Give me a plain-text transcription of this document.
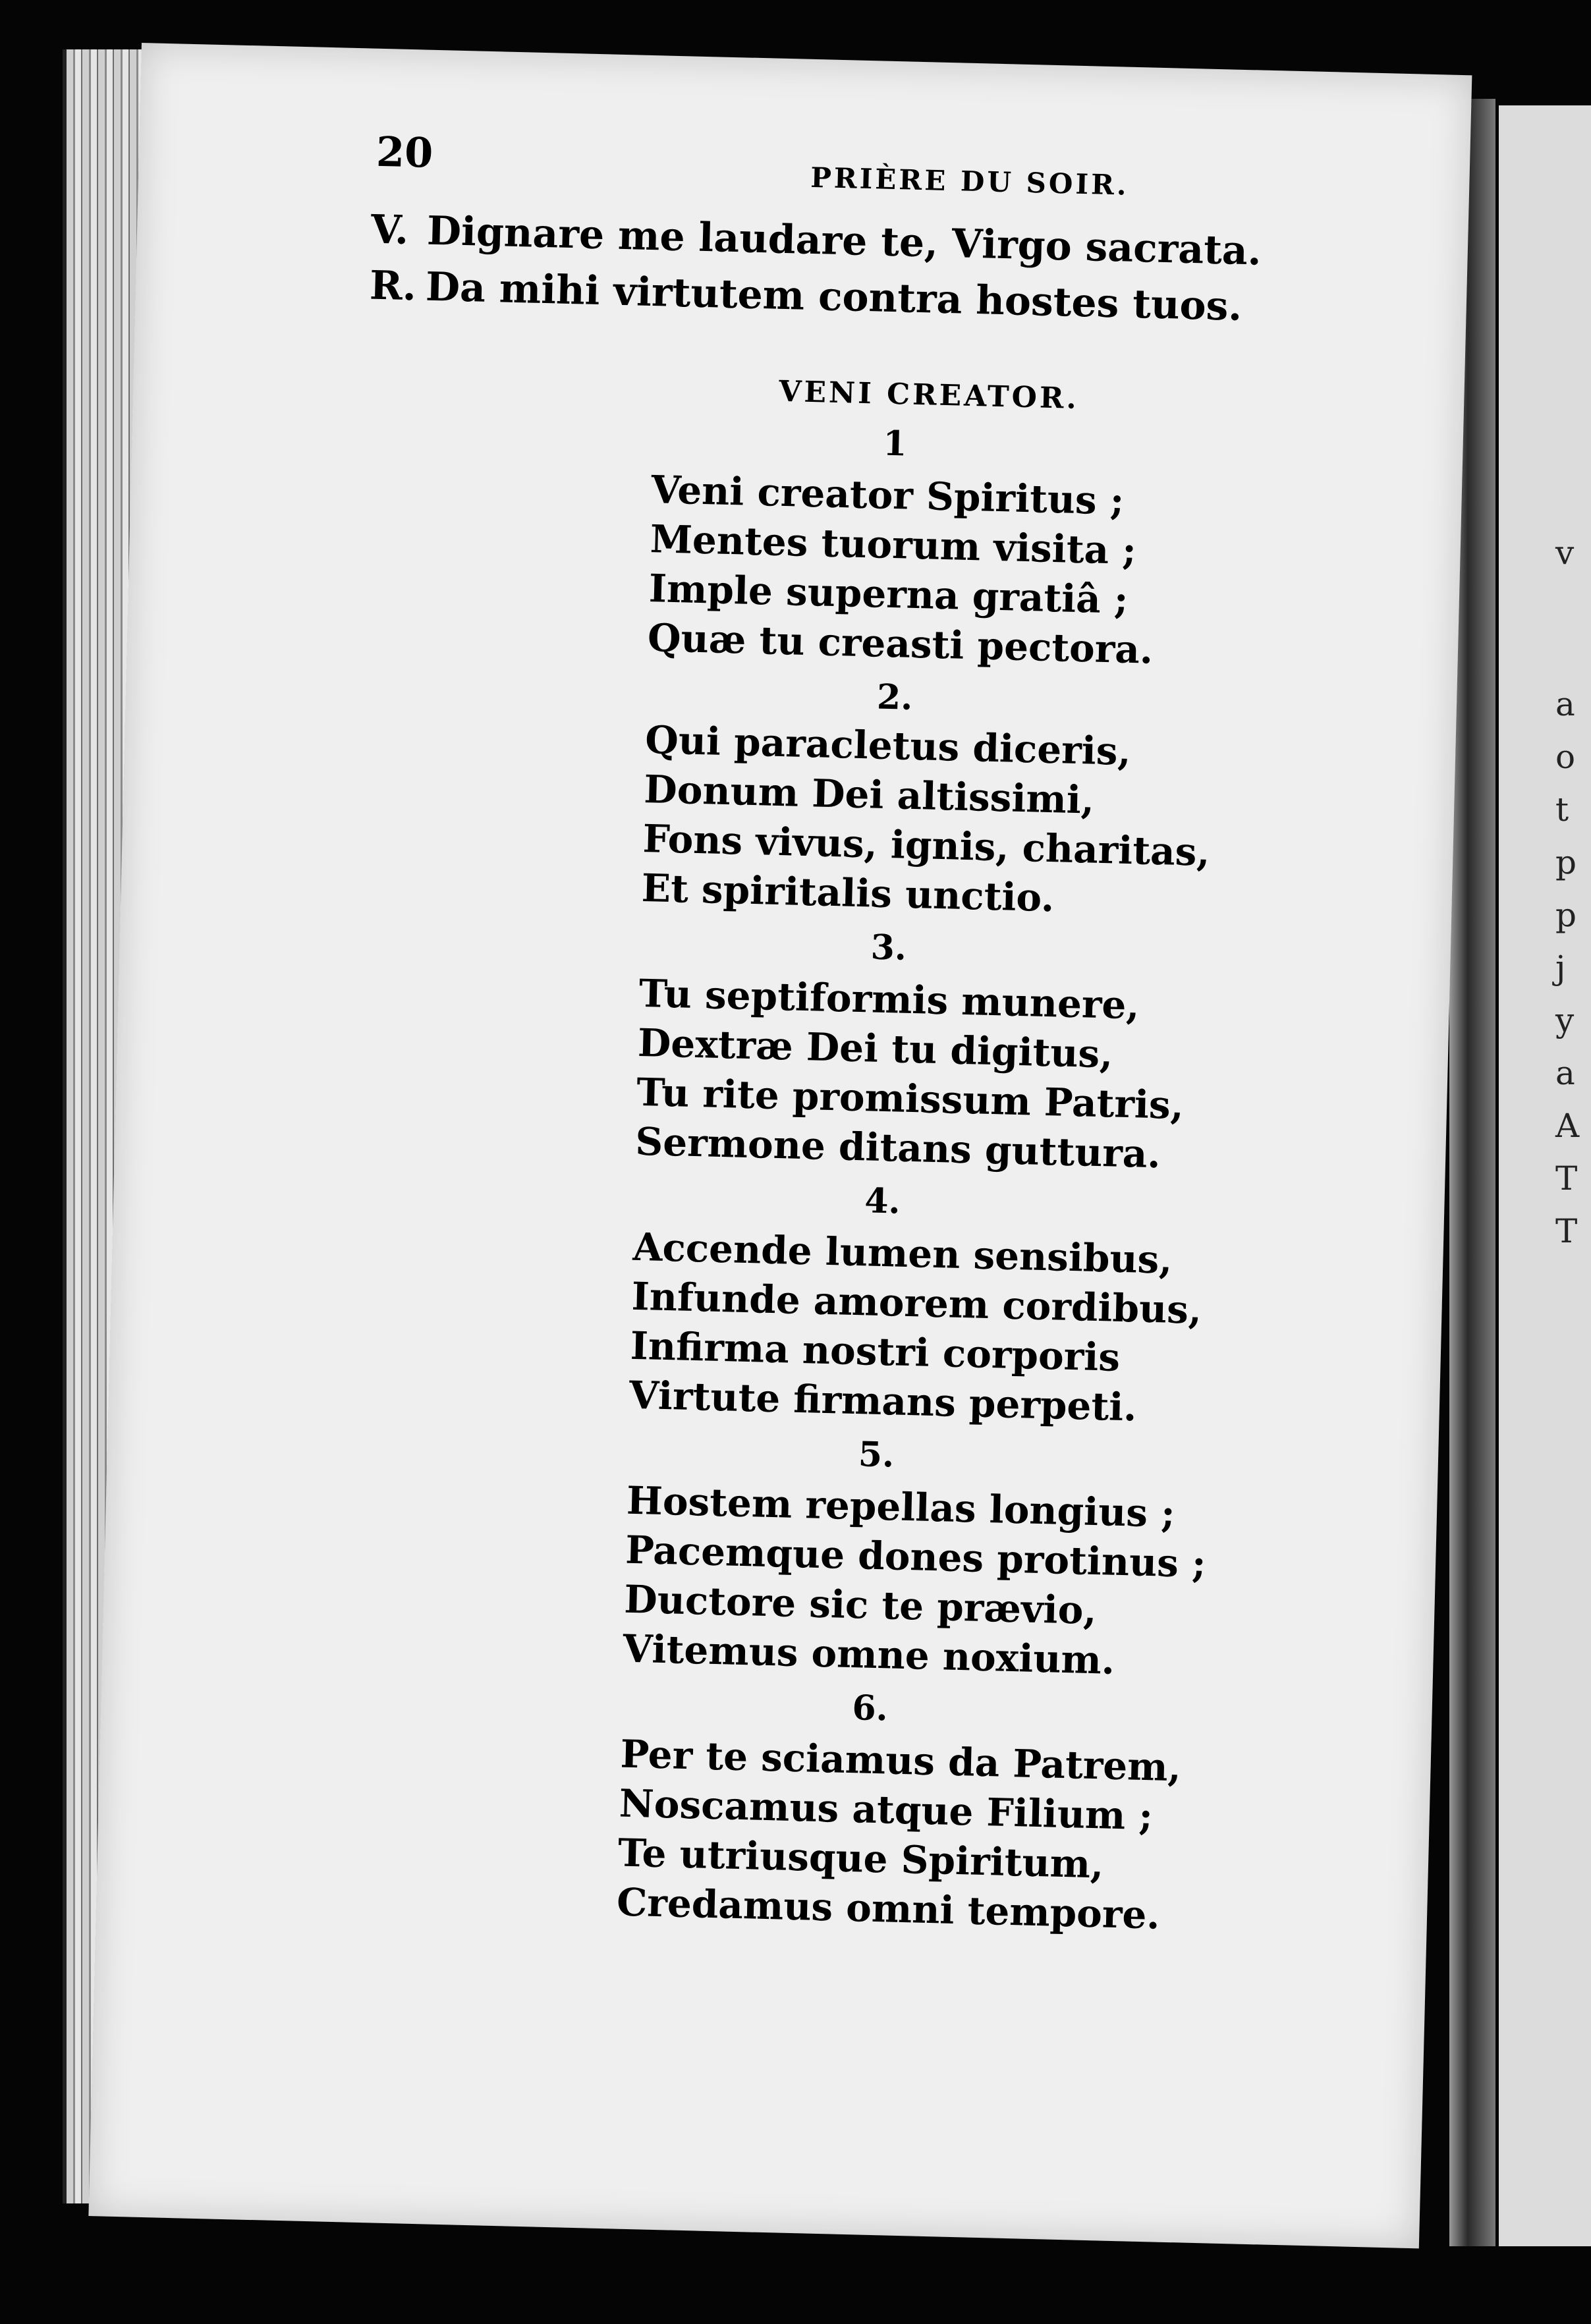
v
a
o
t
p
p
j
y
a
A
T
T
20
PRIÈRE DU SOIR.
V. Dignare me laudare te, Virgo sacrata.
R. Da mihi virtutem contra hostes tuos.
VENI CREATOR.
1
Veni creator Spiritus ;
Mentes tuorum visita ;
Imple superna gratiâ ;
Quæ tu creasti pectora.
2.
Qui paracletus diceris,
Donum Dei altissimi,
Fons vivus, ignis, charitas,
Et spiritalis unctio.
3.
Tu septiformis munere,
Dextræ Dei tu digitus,
Tu rite promissum Patris,
Sermone ditans guttura.
4.
Accende lumen sensibus,
Infunde amorem cordibus,
Infirma nostri corporis
Virtute firmans perpeti.
5.
Hostem repellas longius ;
Pacemque dones protinus ;
Ductore sic te prævio,
Vitemus omne noxium.
6.
Per te sciamus da Patrem,
Noscamus atque Filium ;
Te utriusque Spiritum,
Credamus omni tempore.
